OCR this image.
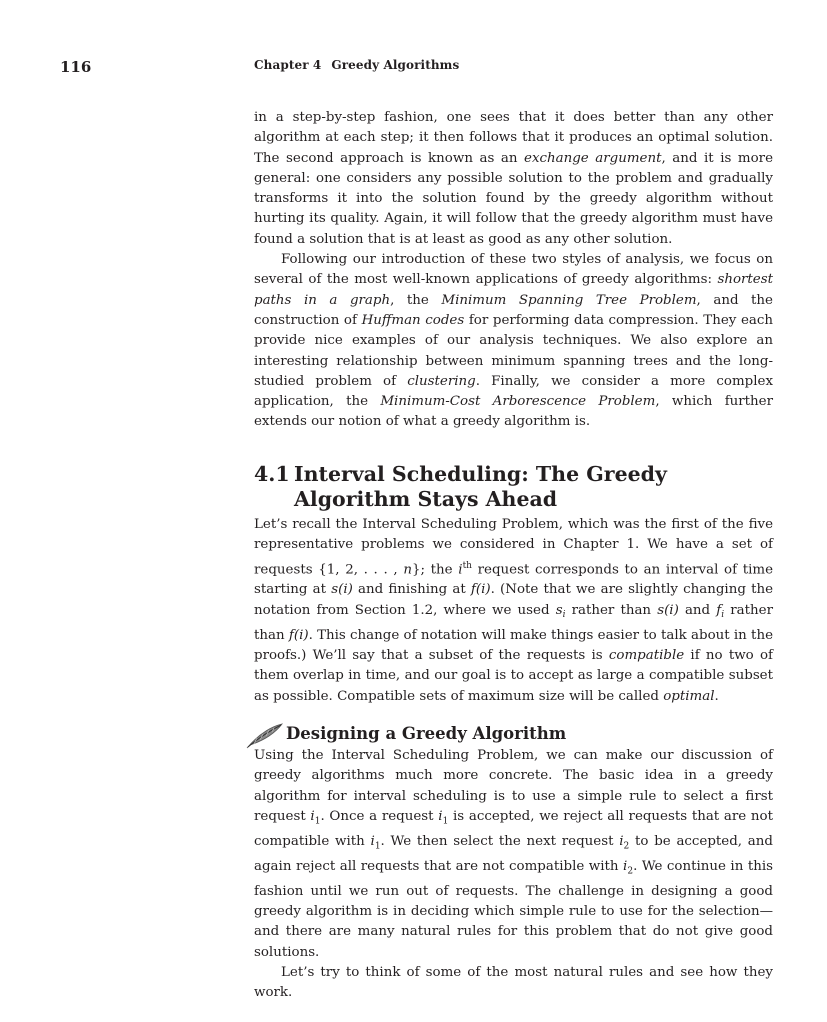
116	Chapter 4 Greedy Algorithms

in a step-by-step fashion, one sees that it does better than any other algorithm at each step; it then follows that it produces an optimal solution. The second approach is known as an exchange argument, and it is more general: one considers any possible solution to the problem and gradually transforms it into the solution found by the greedy algorithm without hurting its quality. Again, it will follow that the greedy algorithm must have found a solution that is at least as good as any other solution.

Following our introduction of these two styles of analysis, we focus on several of the most well-known applications of greedy algorithms: shortest paths in a graph, the Minimum Spanning Tree Problem, and the construction of Huffman codes for performing data compression. They each provide nice examples of our analysis techniques. We also explore an interesting relationship between minimum spanning trees and the long-studied problem of clustering. Finally, we consider a more complex application, the Minimum-Cost Arborescence Problem, which further extends our notion of what a greedy algorithm is.

4.1 Interval Scheduling: The Greedy Algorithm Stays Ahead

Let’s recall the Interval Scheduling Problem, which was the first of the five representative problems we considered in Chapter 1. We have a set of requests {1, 2, . . . , n}; the $i^{th}$ request corresponds to an interval of time starting at s(i) and finishing at f(i). (Note that we are slightly changing the notation from Section 1.2, where we used $s_i$ rather than s(i) and $f_i$ rather than f(i). This change of notation will make things easier to talk about in the proofs.) We’ll say that a subset of the requests is compatible if no two of them overlap in time, and our goal is to accept as large a compatible subset as possible. Compatible sets of maximum size will be called optimal.

Designing a Greedy Algorithm

Using the Interval Scheduling Problem, we can make our discussion of greedy algorithms much more concrete. The basic idea in a greedy algorithm for interval scheduling is to use a simple rule to select a first request $i_1$. Once a request $i_1$ is accepted, we reject all requests that are not compatible with $i_1$. We then select the next request $i_2$ to be accepted, and again reject all requests that are not compatible with $i_2$. We continue in this fashion until we run out of requests. The challenge in designing a good greedy algorithm is in deciding which simple rule to use for the selection—and there are many natural rules for this problem that do not give good solutions.

Let’s try to think of some of the most natural rules and see how they work.
